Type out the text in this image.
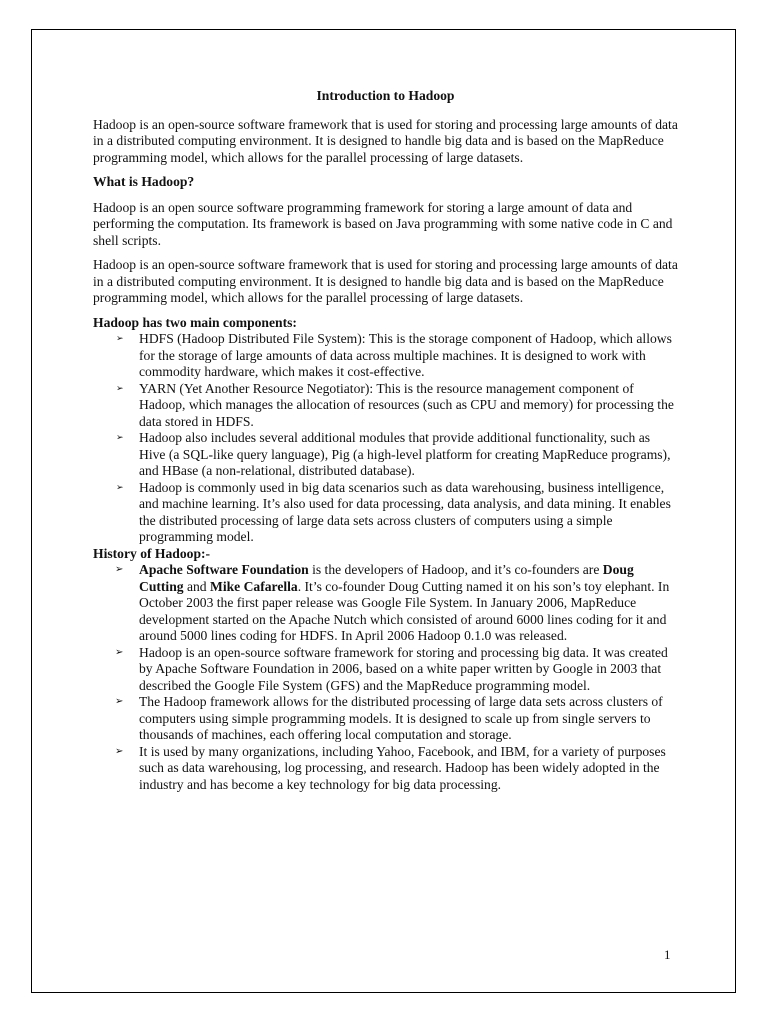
Introduction to Hadoop

Hadoop is an open-source software framework that is used for storing and processing large amounts of data in a distributed computing environment. It is designed to handle big data and is based on the MapReduce programming model, which allows for the parallel processing of large datasets.

What is Hadoop?

Hadoop is an open source software programming framework for storing a large amount of data and performing the computation. Its framework is based on Java programming with some native code in C and shell scripts.

Hadoop is an open-source software framework that is used for storing and processing large amounts of data in a distributed computing environment. It is designed to handle big data and is based on the MapReduce programming model, which allows for the parallel processing of large datasets.

Hadoop has two main components:
➢ HDFS (Hadoop Distributed File System): This is the storage component of Hadoop, which allows for the storage of large amounts of data across multiple machines. It is designed to work with commodity hardware, which makes it cost-effective.
➢ YARN (Yet Another Resource Negotiator): This is the resource management component of Hadoop, which manages the allocation of resources (such as CPU and memory) for processing the data stored in HDFS.
➢ Hadoop also includes several additional modules that provide additional functionality, such as Hive (a SQL-like query language), Pig (a high-level platform for creating MapReduce programs), and HBase (a non-relational, distributed database).
➢ Hadoop is commonly used in big data scenarios such as data warehousing, business intelligence, and machine learning. It’s also used for data processing, data analysis, and data mining. It enables the distributed processing of large data sets across clusters of computers using a simple programming model.
History of Hadoop:-
➢ Apache Software Foundation is the developers of Hadoop, and it’s co-founders are Doug Cutting and Mike Cafarella. It’s co-founder Doug Cutting named it on his son’s toy elephant. In October 2003 the first paper release was Google File System. In January 2006, MapReduce development started on the Apache Nutch which consisted of around 6000 lines coding for it and around 5000 lines coding for HDFS. In April 2006 Hadoop 0.1.0 was released.
➢ Hadoop is an open-source software framework for storing and processing big data. It was created by Apache Software Foundation in 2006, based on a white paper written by Google in 2003 that described the Google File System (GFS) and the MapReduce programming model.
➢ The Hadoop framework allows for the distributed processing of large data sets across clusters of computers using simple programming models. It is designed to scale up from single servers to thousands of machines, each offering local computation and storage.
➢ It is used by many organizations, including Yahoo, Facebook, and IBM, for a variety of purposes such as data warehousing, log processing, and research. Hadoop has been widely adopted in the industry and has become a key technology for big data processing.
1
